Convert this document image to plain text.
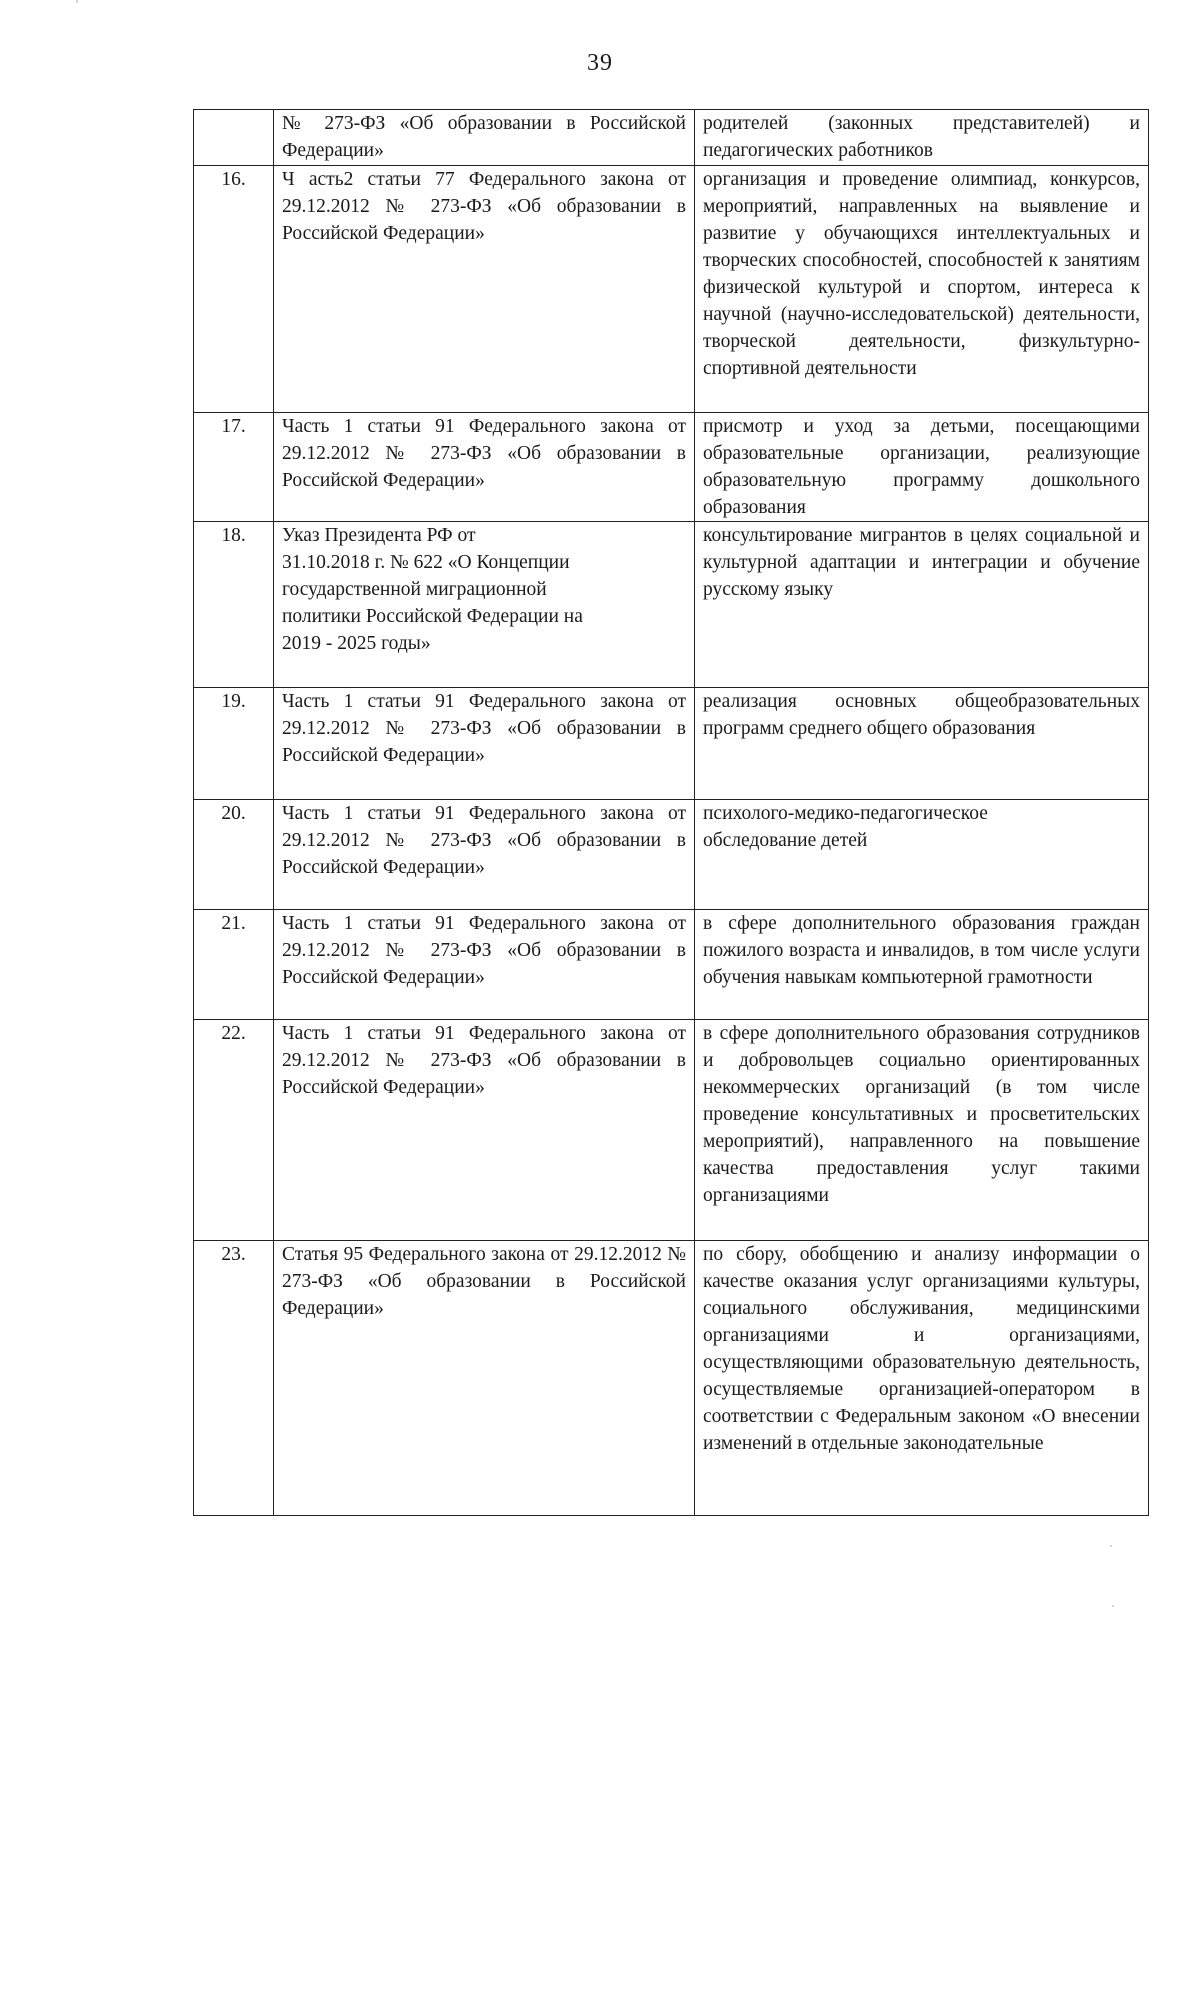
39

	№ 273-ФЗ «Об образовании в Российской Федерации»	родителей (законных представителей) и педагогических работников

16.	Ч асть2 статьи 77 Федерального закона от 29.12.2012 № 273-ФЗ «Об образовании в Российской Федерации»	организация и проведение олимпиад, конкурсов, мероприятий, направленных на выявление и развитие у обучающихся интеллектуальных и творческих способностей, способностей к занятиям физической культурой и спортом, интереса к научной (научно-исследовательской) деятельности, творческой деятельности, физкультурно-спортивной деятельности

17.	Часть 1 статьи 91 Федерального закона от 29.12.2012 № 273-ФЗ «Об образовании в Российской Федерации»	присмотр и уход за детьми, посещающими образовательные организации, реализующие образовательную программу дошкольного образования

18.	Указ Президента РФ от
31.10.2018 г. № 622 «О Концепции
государственной миграционной
политики Российской Федерации на
2019 - 2025 годы»	консультирование мигрантов в целях социальной и культурной адаптации и интеграции и обучение русскому языку

19.	Часть 1 статьи 91 Федерального закона от 29.12.2012 № 273-ФЗ «Об образовании в Российской Федерации»	реализация основных общеобразовательных программ среднего общего образования

20.	Часть 1 статьи 91 Федерального закона от 29.12.2012 № 273-ФЗ «Об образовании в Российской Федерации»	психолого-медико-педагогическое
обследование детей

21.	Часть 1 статьи 91 Федерального закона от 29.12.2012 № 273-ФЗ «Об образовании в Российской Федерации»	в сфере дополнительного образования граждан пожилого возраста и инвалидов, в том числе услуги обучения навыкам компьютерной грамотности

22.	Часть 1 статьи 91 Федерального закона от 29.12.2012 № 273-ФЗ «Об образовании в Российской Федерации»	в сфере дополнительного образования сотрудников и добровольцев социально ориентированных некоммерческих организаций (в том числе проведение консультативных и просветительских мероприятий), направленного на повышение качества предоставления услуг такими организациями

23.	Статья 95 Федерального закона от 29.12.2012 № 273-ФЗ «Об образовании в Российской Федерации»	по сбору, обобщению и анализу информации о качестве оказания услуг организациями культуры, социального обслуживания, медицинскими организациями и организациями, осуществляющими образовательную деятельность, осуществляемые организацией-оператором в соответствии с Федеральным законом «О внесении изменений в отдельные законодательные
